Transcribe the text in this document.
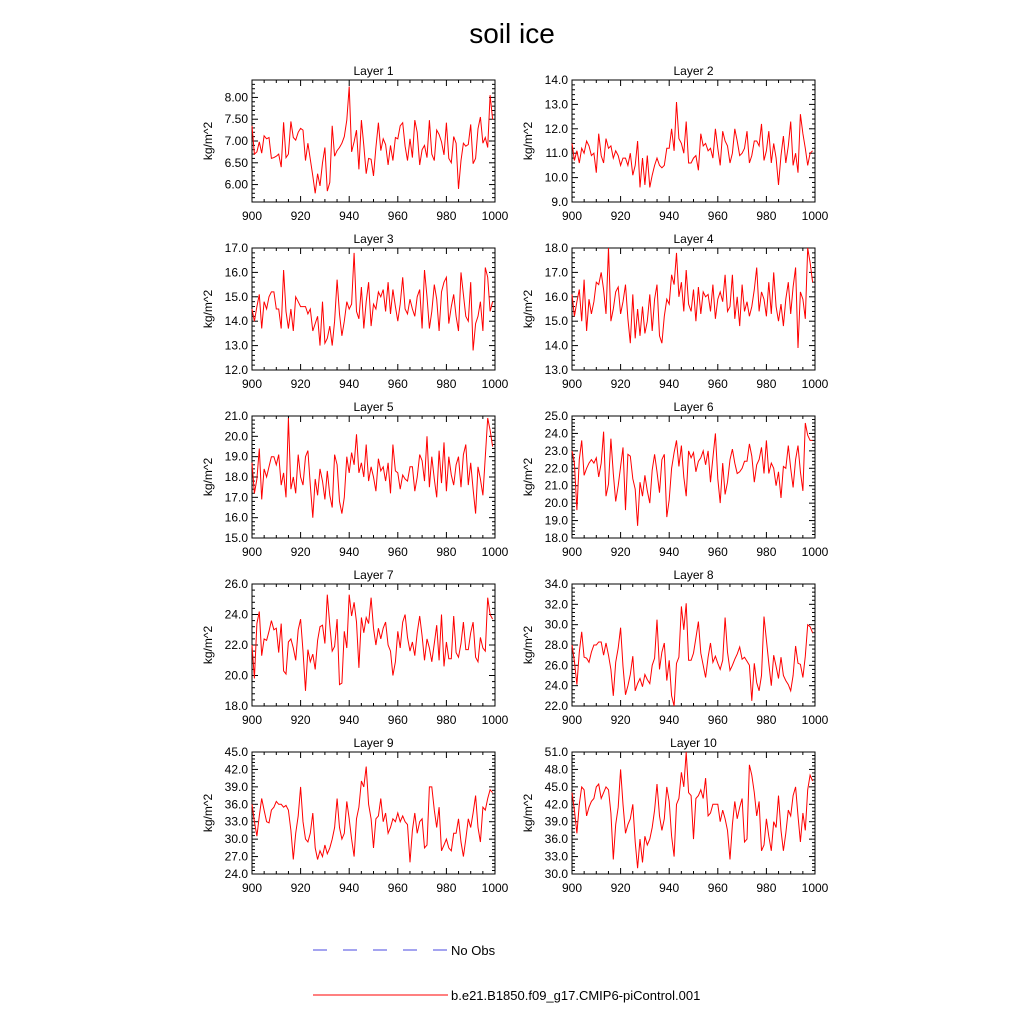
soil ice
Layer 1
900 920 940 960 980 1000
6.00
6.50
7.00
7.50
8.00
kg/m^2
Layer 2
900 920 940 960 980 1000
9.0
10.0
11.0
12.0
13.0
14.0
kg/m^2
Layer 3
900 920 940 960 980 1000
12.0
13.0
14.0
15.0
16.0
17.0
kg/m^2
Layer 4
900 920 940 960 980 1000
13.0
14.0
15.0
16.0
17.0
18.0
kg/m^2
Layer 5
900 920 940 960 980 1000
15.0
16.0
17.0
18.0
19.0
20.0
21.0
kg/m^2
Layer 6
900 920 940 960 980 1000
18.0
19.0
20.0
21.0
22.0
23.0
24.0
25.0
kg/m^2
Layer 7
900 920 940 960 980 1000
18.0
20.0
22.0
24.0
26.0
kg/m^2
Layer 8
900 920 940 960 980 1000
22.0
24.0
26.0
28.0
30.0
32.0
34.0
kg/m^2
Layer 9
900 920 940 960 980 1000
24.0
27.0
30.0
33.0
36.0
39.0
42.0
45.0
kg/m^2
Layer 10
900 920 940 960 980 1000
30.0
33.0
36.0
39.0
42.0
45.0
48.0
51.0
kg/m^2
No Obs
b.e21.B1850.f09_g17.CMIP6-piControl.001
